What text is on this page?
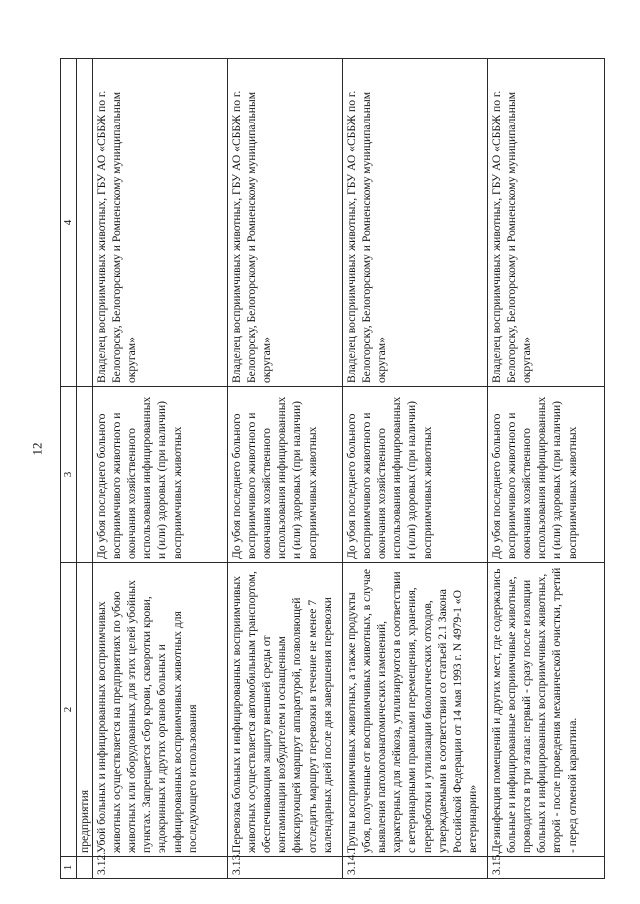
12
1	2	3	4
	предприятия		
3.12.	Убой больных и инфицированных восприимчивых животных осуществляется на предприятиях по убою животных или оборудованных для этих целей убойных пунктах. Запрещается сбор крови, скворотки крови, эндокринных и других органов больных и инфицированных восприимчивых животных для последующего использования	До убоя последнего больного восприимчивого животного и окончания хозяйственного использования инфицированных и (или) здоровых (при наличии) восприимчивых животных	Владелец восприимчивых животных, ГБУ АО «СББЖ по г. Белогорску, Белогорскому и Ромненскому муниципальным округам»
3.13.	Перевозка больных и инфицированных восприимчивых животных осуществляется автомобильным транспортом, обеспечивающим защиту внешней среды от контаминации возбудителем и оснащенным фиксирующей маршрут аппаратурой, позволяющей отследить маршрут перевозки в течение не менее 7 календарных дней после дня завершения перевозки	До убоя последнего больного восприимчивого животного и окончания хозяйственного использования инфицированных и (или) здоровых (при наличии) восприимчивых животных	Владелец восприимчивых животных, ГБУ АО «СББЖ по г. Белогорску, Белогорскому и Ромненскому муниципальным округам»
3.14.	Трупы восприимчивых животных, а также продукты убоя, полученные от восприимчивых животных, в случае выявления патологоанатомических изменений, характерных для лейкоза, утилизируются в соответствии с ветеринарными правилами перемещения, хранения, переработки и утилизации биологических отходов, утверждаемыми в соответствии со статьей 2.1 Закона Российской Федерации от 14 мая 1993 г. N 4979-1 «О ветеринарии»	До убоя последнего больного восприимчивого животного и окончания хозяйственного использования инфицированных и (или) здоровых (при наличии) восприимчивых животных	Владелец восприимчивых животных, ГБУ АО «СББЖ по г. Белогорску, Белогорскому и Ромненскому муниципальным округам»
3.15.	Дезинфекция помещений и других мест, где содержались больные и инфицированные восприимчивые животные, проводится в три этапа: первый - сразу после изоляции больных и инфицированных восприимчивых животных, второй - после проведения механической очистки, третий - перед отменой карантина.	До убоя последнего больного восприимчивого животного и окончания хозяйственного использования инфицированных и (или) здоровых (при наличии) восприимчивых животных	Владелец восприимчивых животных, ГБУ АО «СББЖ по г. Белогорску, Белогорскому и Ромненскому муниципальным округам»
